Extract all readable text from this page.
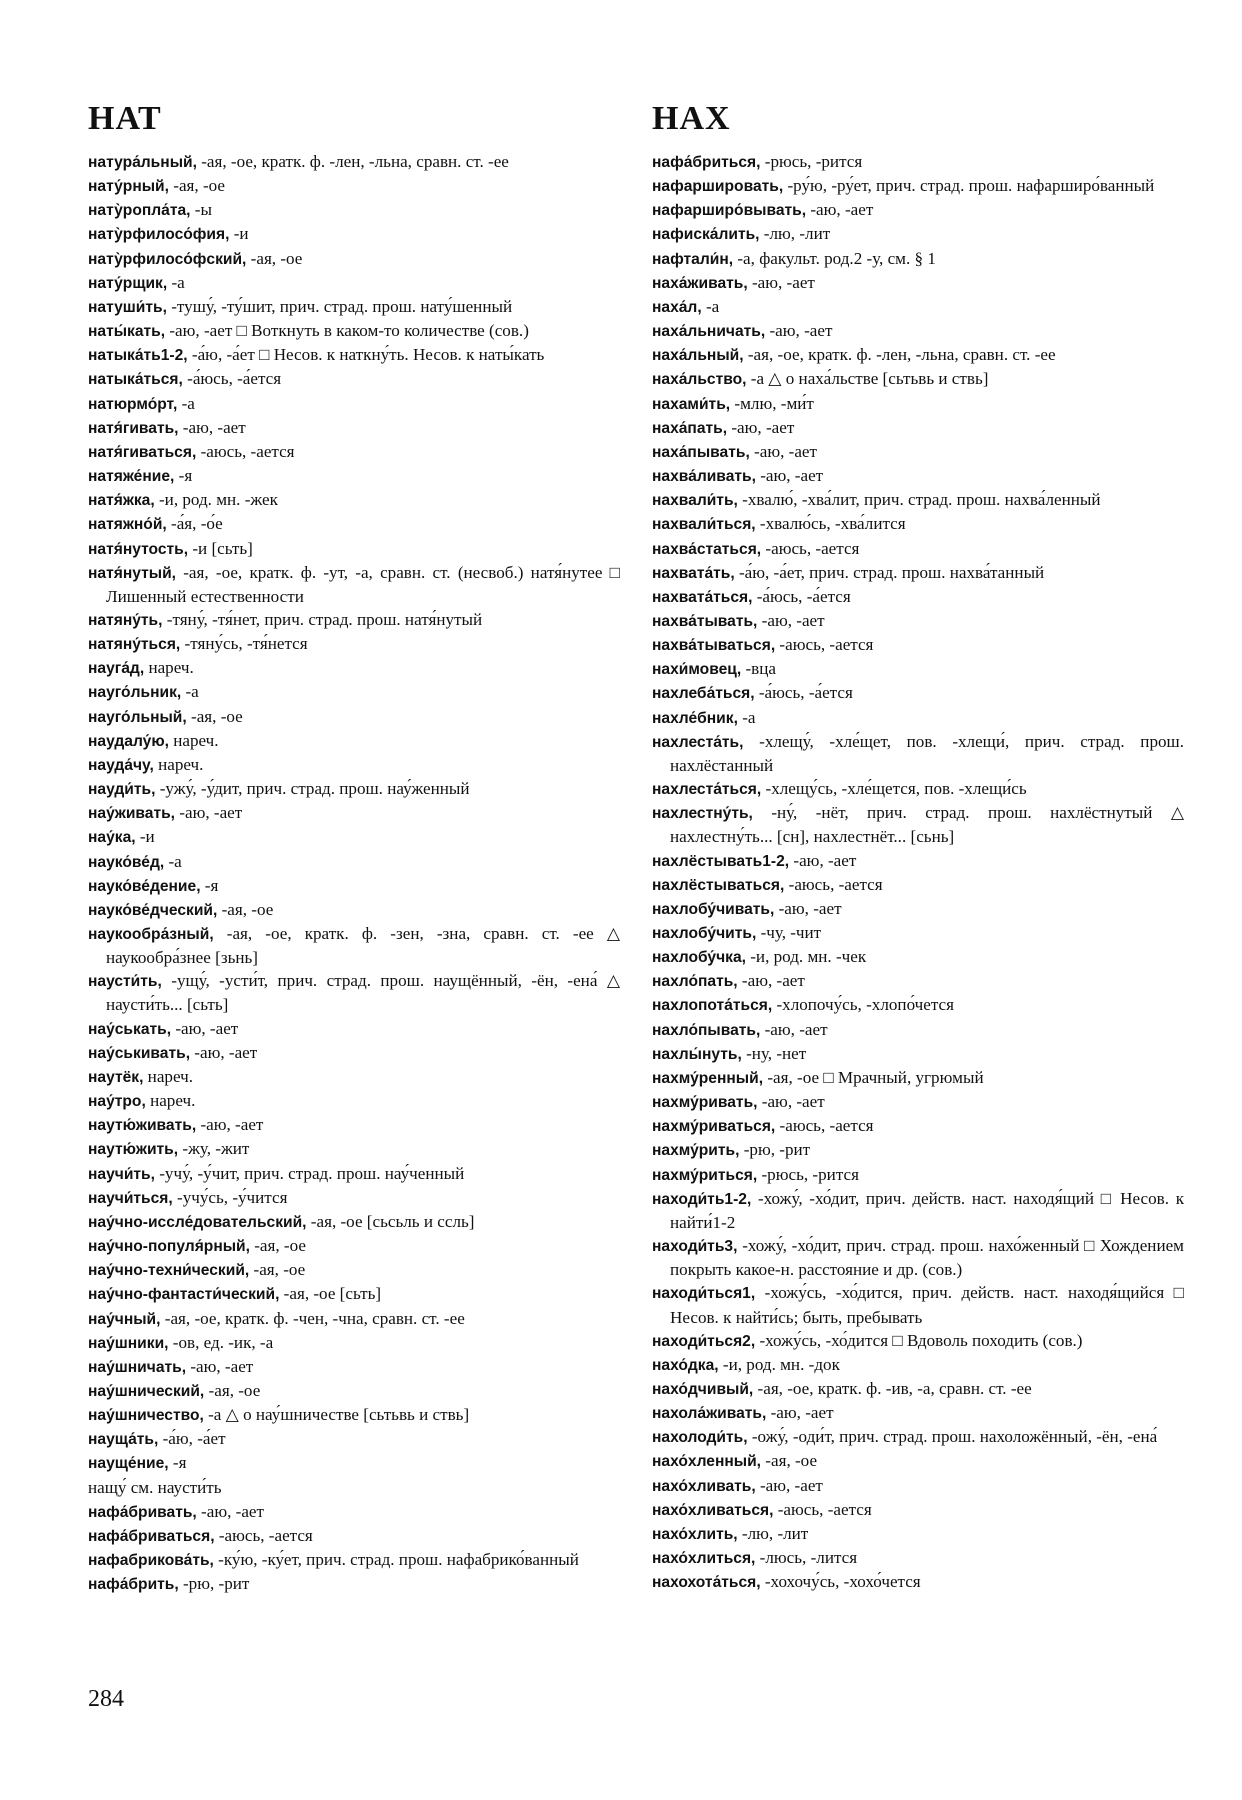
НАТ	НАХ
натура́льный, -ая, -ое, кратк. ф. -лен, -льна, сравн. ст. -ее
нату́рный, -ая, -ое
нату̀ропла́та, -ы
нату̀рфилосо́фия, -и
нату̀рфилосо́фский, -ая, -ое
нату́рщик, -а
натуши́ть, -тушу́, -ту́шит, прич. страд. прош. нату́шенный
наты́кать, -аю, -ает □ Воткнуть в каком-то количестве (сов.)
натыка́ть1-2, -а́ю, -а́ет □ Несов. к наткну́ть. Несов. к наты́кать
натыка́ться, -а́юсь, -а́ется
натюрмо́рт, -а
натя́гивать, -аю, -ает
натя́гиваться, -аюсь, -ается
натяже́ние, -я
натя́жка, -и, род. мн. -жек
натяжно́й, -а́я, -о́е
натя́нутость, -и [сьть]
натя́нутый, -ая, -ое, кратк. ф. -ут, -а, сравн. ст. (несвоб.) натя́нутее □ Лишенный естественности
натяну́ть, -тяну́, -тя́нет, прич. страд. прош. натя́нутый
натяну́ться, -тяну́сь, -тя́нется
науга́д, нареч.
науго́льник, -а
науго́льный, -ая, -ое
наудалу́ю, нареч.
науда́чу, нареч.
науди́ть, -ужу́, -у́дит, прич. страд. прош. нау́женный
нау́живать, -аю, -ает
нау́ка, -и
науко́ве́д, -а
науко́ве́дение, -я
науко́ве́дческий, -ая, -ое
наукообра́зный, -ая, -ое, кратк. ф. -зен, -зна, сравн. ст. -ее △ наукообра́знее [зьнь]
наусти́ть, -ущу́, -усти́т, прич. страд. прош. наущённый, -ён, -ена́ △ наусти́ть... [сьть]
нау́ськать, -аю, -ает
нау́ськивать, -аю, -ает
наутёк, нареч.
нау́тро, нареч.
наутю́живать, -аю, -ает
наутю́жить, -жу, -жит
научи́ть, -учу́, -у́чит, прич. страд. прош. нау́ченный
научи́ться, -учу́сь, -у́чится
нау́чно-иссле́довательский, -ая, -ое [сьсьль и ссль]
нау́чно-популя́рный, -ая, -ое
нау́чно-техни́ческий, -ая, -ое
нау́чно-фантасти́ческий, -ая, -ое [сьть]
нау́чный, -ая, -ое, кратк. ф. -чен, -чна, сравн. ст. -ее
нау́шники, -ов, ед. -ик, -а
нау́шничать, -аю, -ает
нау́шнический, -ая, -ое
нау́шничество, -а △ о нау́шничестве [сьтьвь и ствь]
науща́ть, -а́ю, -а́ет
науще́ние, -я
нащу́ см. наусти́ть
нафа́бривать, -аю, -ает
нафа́бриваться, -аюсь, -ается
нафабрикова́ть, -ку́ю, -ку́ет, прич. страд. прош. нафабрико́ванный
нафа́брить, -рю, -рит
нафа́бриться, -рюсь, -рится
нафаршировать, -ру́ю, -ру́ет, прич. страд. прош. нафарширо́ванный
нафарширо́вывать, -аю, -ает
нафиска́лить, -лю, -лит
нафтали́н, -а, факульт. род.2 -у, см. § 1
наха́живать, -аю, -ает
наха́л, -а
наха́льничать, -аю, -ает
наха́льный, -ая, -ое, кратк. ф. -лен, -льна, сравн. ст. -ее
наха́льство, -а △ о наха́льстве [сьтьвь и ствь]
нахами́ть, -млю, -ми́т
наха́пать, -аю, -ает
наха́пывать, -аю, -ает
нахва́ливать, -аю, -ает
нахвали́ть, -хвалю́, -хва́лит, прич. страд. прош. нахва́ленный
нахвали́ться, -хвалю́сь, -хва́лится
нахва́статься, -аюсь, -ается
нахвата́ть, -а́ю, -а́ет, прич. страд. прош. нахва́танный
нахвата́ться, -а́юсь, -а́ется
нахва́тывать, -аю, -ает
нахва́тываться, -аюсь, -ается
нахи́мовец, -вца
нахлеба́ться, -а́юсь, -а́ется
нахле́бник, -а
нахлеста́ть, -хлещу́, -хле́щет, пов. -хлещи́, прич. страд. прош. нахлёстанный
нахлеста́ться, -хлещу́сь, -хле́щется, пов. -хлещи́сь
нахлестну́ть, -ну́, -нёт, прич. страд. прош. нахлёстнутый △ нахлестну́ть... [сн], нахлестнёт... [сьнь]
нахлёстывать1-2, -аю, -ает
нахлёстываться, -аюсь, -ается
нахлобу́чивать, -аю, -ает
нахлобу́чить, -чу, -чит
нахлобу́чка, -и, род. мн. -чек
нахло́пать, -аю, -ает
нахлопота́ться, -хлопочу́сь, -хлопо́чется
нахло́пывать, -аю, -ает
нахлы́нуть, -ну, -нет
нахму́ренный, -ая, -ое □ Мрачный, угрюмый
нахму́ривать, -аю, -ает
нахму́риваться, -аюсь, -ается
нахму́рить, -рю, -рит
нахму́риться, -рюсь, -рится
находи́ть1-2, -хожу́, -хо́дит, прич. действ. наст. находя́щий □ Несов. к найти́1-2
находи́ть3, -хожу́, -хо́дит, прич. страд. прош. нахо́женный □ Хождением покрыть какое-н. расстояние и др. (сов.)
находи́ться1, -хожу́сь, -хо́дится, прич. действ. наст. находя́щийся □ Несов. к найти́сь; быть, пребывать
находи́ться2, -хожу́сь, -хо́дится □ Вдоволь походить (сов.)
нахо́дка, -и, род. мн. -док
нахо́дчивый, -ая, -ое, кратк. ф. -ив, -а, сравн. ст. -ее
нахола́живать, -аю, -ает
нахолоди́ть, -ожу́, -оди́т, прич. страд. прош. нахоложённый, -ён, -ена́
нахо́хленный, -ая, -ое
нахо́хливать, -аю, -ает
нахо́хливаться, -аюсь, -ается
нахо́хлить, -лю, -лит
нахо́хлиться, -люсь, -лится
нахохота́ться, -хохочу́сь, -хохо́чется
284
